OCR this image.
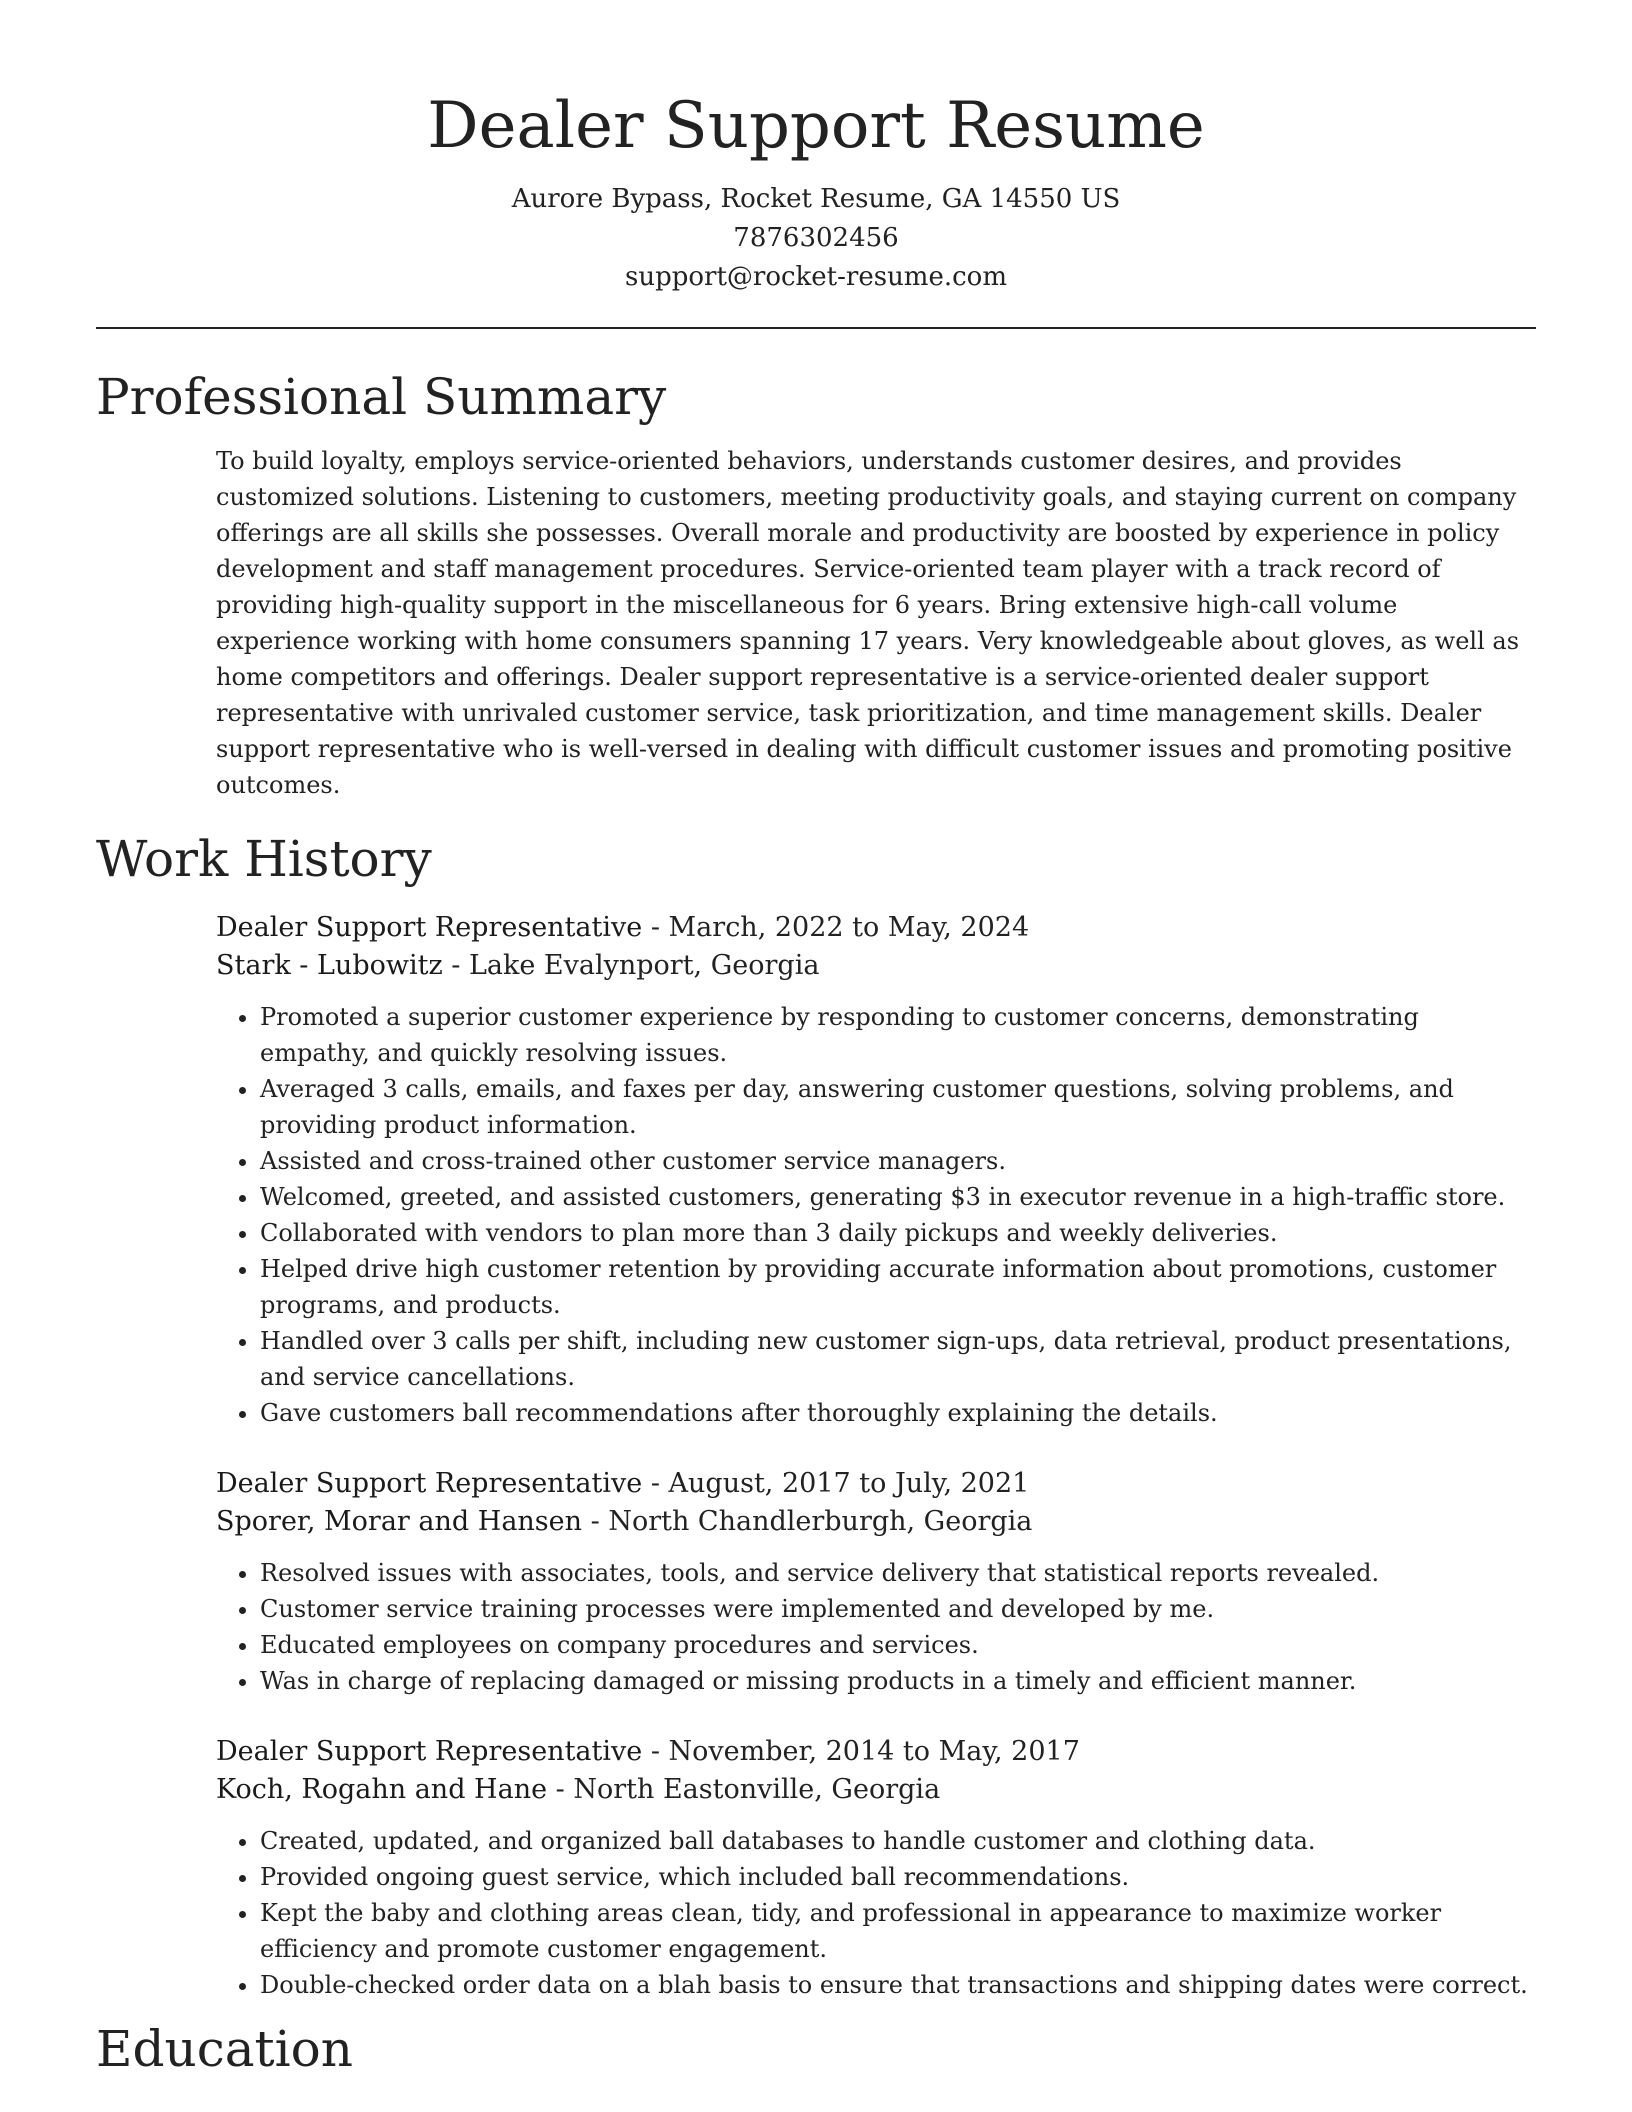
Dealer Support Resume
Aurore Bypass, Rocket Resume, GA 14550 US
7876302456
support@rocket-resume.com
Professional Summary

To build loyalty, employs service-oriented behaviors, understands customer desires, and provides customized solutions. Listening to customers, meeting productivity goals, and staying current on company offerings are all skills she possesses. Overall morale and productivity are boosted by experience in policy development and staff management procedures. Service-oriented team player with a track record of providing high-quality support in the miscellaneous for 6 years. Bring extensive high-call volume experience working with home consumers spanning 17 years. Very knowledgeable about gloves, as well as home competitors and offerings. Dealer support representative is a service-oriented dealer support representative with unrivaled customer service, task prioritization, and time management skills. Dealer support representative who is well-versed in dealing with difficult customer issues and promoting positive outcomes.

Work History

Dealer Support Representative - March, 2022 to May, 2024

Stark - Lubowitz - Lake Evalynport, Georgia

• Promoted a superior customer experience by responding to customer concerns, demonstrating empathy, and quickly resolving issues.
• Averaged 3 calls, emails, and faxes per day, answering customer questions, solving problems, and providing product information.
• Assisted and cross-trained other customer service managers.
• Welcomed, greeted, and assisted customers, generating $3 in executor revenue in a high-traffic store.
• Collaborated with vendors to plan more than 3 daily pickups and weekly deliveries.
• Helped drive high customer retention by providing accurate information about promotions, customer programs, and products.
• Handled over 3 calls per shift, including new customer sign-ups, data retrieval, product presentations, and service cancellations.
• Gave customers ball recommendations after thoroughly explaining the details.

Dealer Support Representative - August, 2017 to July, 2021

Sporer, Morar and Hansen - North Chandlerburgh, Georgia

• Resolved issues with associates, tools, and service delivery that statistical reports revealed.
• Customer service training processes were implemented and developed by me.
• Educated employees on company procedures and services.
• Was in charge of replacing damaged or missing products in a timely and efficient manner.

Dealer Support Representative - November, 2014 to May, 2017

Koch, Rogahn and Hane - North Eastonville, Georgia

• Created, updated, and organized ball databases to handle customer and clothing data.
• Provided ongoing guest service, which included ball recommendations.
• Kept the baby and clothing areas clean, tidy, and professional in appearance to maximize worker efficiency and promote customer engagement.
• Double-checked order data on a blah basis to ensure that transactions and shipping dates were correct.
Education
